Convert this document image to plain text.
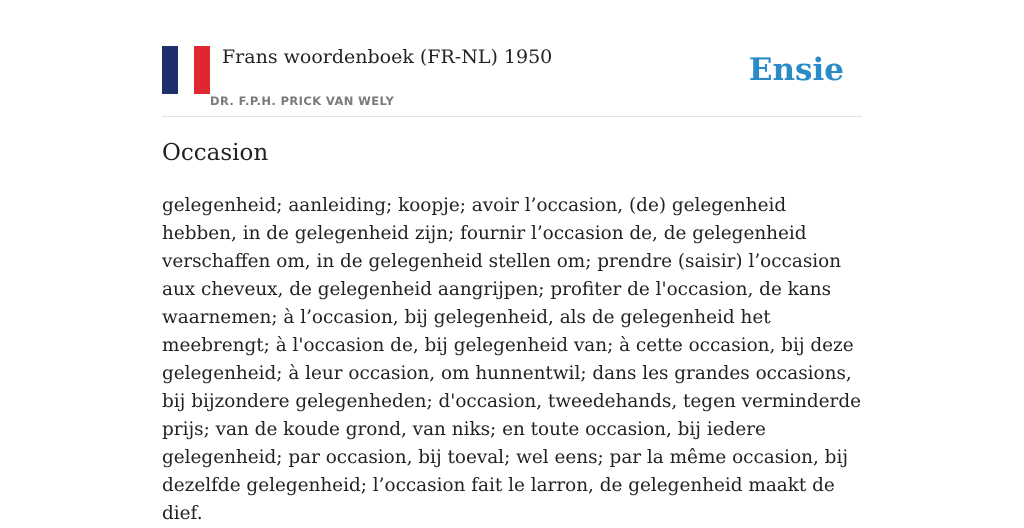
Frans woordenboek (FR-NL) 1950
DR. F.P.H. PRICK VAN WELY
Ensie
Occasion

gelegenheid; aanleiding; koopje; avoir l’occasion, (de) gelegenheid hebben, in de gelegenheid zijn; fournir l’occasion de, de gelegenheid verschaffen om, in de gelegenheid stellen om; prendre (saisir) l’occasion aux cheveux, de gelegenheid aangrijpen; profiter de l'occasion, de kans waarnemen; à l’occasion, bij gelegenheid, als de gelegenheid het meebrengt; à l'occasion de, bij gelegenheid van; à cette occasion, bij deze gelegenheid; à leur occasion, om hunnentwil; dans les grandes occasions, bij bijzondere gelegenheden; d'occasion, tweedehands, tegen verminderde prijs; van de koude grond, van niks; en toute occasion, bij iedere gelegenheid; par occasion, bij toeval; wel eens; par la même occasion, bij dezelfde gelegenheid; l’occasion fait le larron, de gelegenheid maakt de dief.
